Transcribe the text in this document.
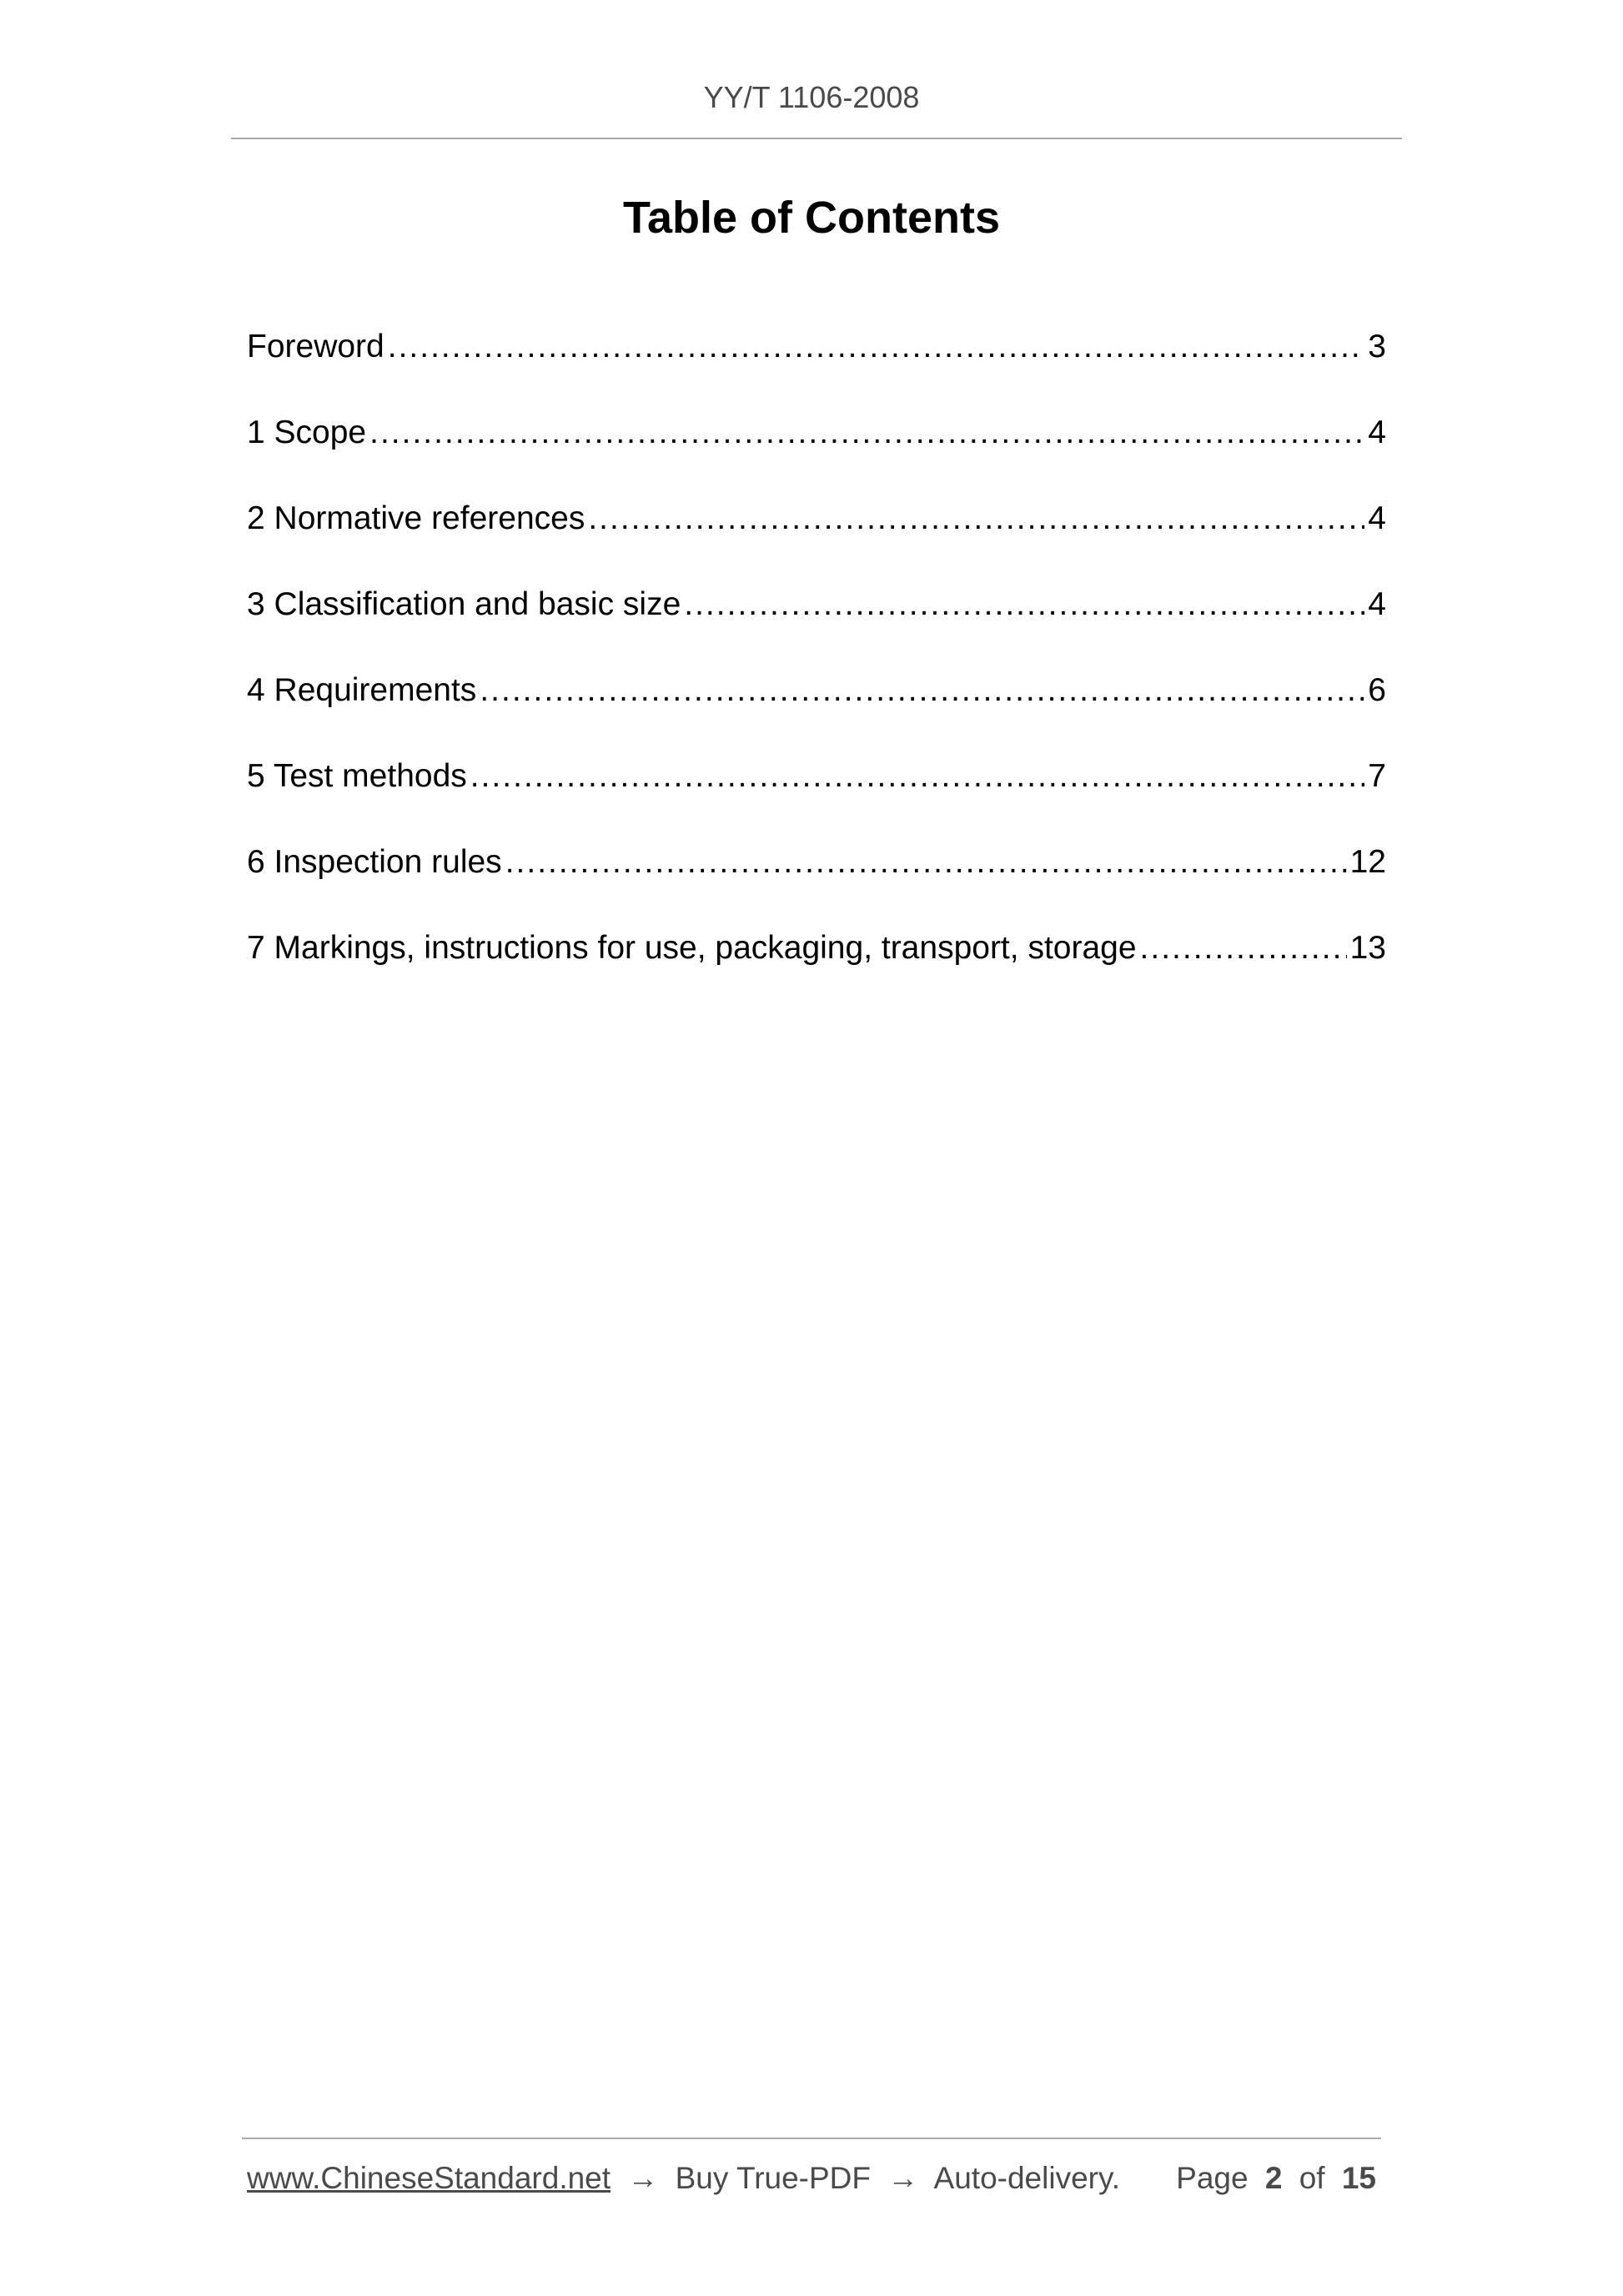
YY/T 1106-2008
Table of Contents
Foreword .....	3
1 Scope .....	4
2 Normative references .....	4
3 Classification and basic size .....	4
4 Requirements .....	6
5 Test methods .....	7
6 Inspection rules .....	12
7 Markings, instructions for use, packaging, transport, storage .....	13
www.ChineseStandard.net → Buy True-PDF → Auto-delivery. Page 2 of 15
